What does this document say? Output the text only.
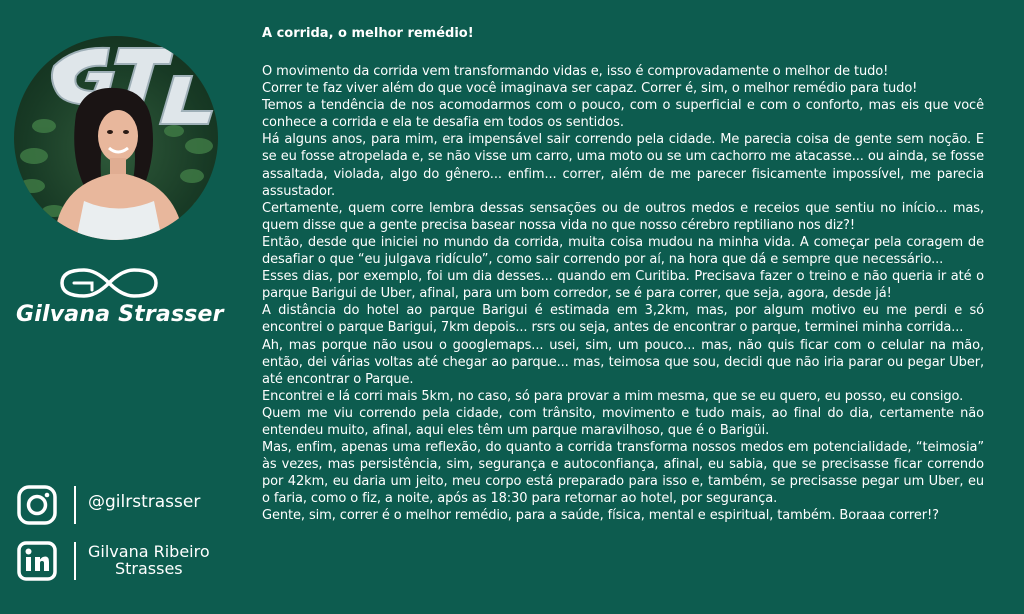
Gilvana Strasser
@gilrstrasser
Gilvana Ribeiro
Strasses
A corrida, o melhor remédio!

O movimento da corrida vem transformando vidas e, isso é comprovadamente o melhor de tudo!

Correr te faz viver além do que você imaginava ser capaz. Correr é, sim, o melhor remédio para tudo!

Temos a tendência de nos acomodarmos com o pouco, com o superficial e com o conforto, mas eis que você conhece a corrida e ela te desafia em todos os sentidos.

Há alguns anos, para mim, era impensável sair correndo pela cidade. Me parecia coisa de gente sem noção. E se eu fosse atropelada e, se não visse um carro, uma moto ou se um cachorro me atacasse... ou ainda, se fosse assaltada, violada, algo do gênero... enfim... correr, além de me parecer fisicamente impossível, me parecia assustador.

Certamente, quem corre lembra dessas sensações ou de outros medos e receios que sentiu no início... mas, quem disse que a gente precisa basear nossa vida no que nosso cérebro reptiliano nos diz?!

Então, desde que iniciei no mundo da corrida, muita coisa mudou na minha vida. A começar pela coragem de desafiar o que “eu julgava ridículo”, como sair correndo por aí, na hora que dá e sempre que necessário...

Esses dias, por exemplo, foi um dia desses... quando em Curitiba. Precisava fazer o treino e não queria ir até o parque Barigui de Uber, afinal, para um bom corredor, se é para correr, que seja, agora, desde já!

A distância do hotel ao parque Barigui é estimada em 3,2km, mas, por algum motivo eu me perdi e só encontrei o parque Barigui, 7km depois... rsrs ou seja, antes de encontrar o parque, terminei minha corrida...

Ah, mas porque não usou o googlemaps... usei, sim, um pouco... mas, não quis ficar com o celular na mão, então, dei várias voltas até chegar ao parque... mas, teimosa que sou, decidi que não iria parar ou pegar Uber, até encontrar o Parque.

Encontrei e lá corri mais 5km, no caso, só para provar a mim mesma, que se eu quero, eu posso, eu consigo.

Quem me viu correndo pela cidade, com trânsito, movimento e tudo mais, ao final do dia, certamente não entendeu muito, afinal, aqui eles têm um parque maravilhoso, que é o Barigüi.

Mas, enfim, apenas uma reflexão, do quanto a corrida transforma nossos medos em potencialidade, “teimosia” às vezes, mas persistência, sim, segurança e autoconfiança, afinal, eu sabia, que se precisasse ficar correndo por 42km, eu daria um jeito, meu corpo está preparado para isso e, também, se precisasse pegar um Uber, eu o faria, como o fiz, a noite, após as 18:30 para retornar ao hotel, por segurança.

Gente, sim, correr é o melhor remédio, para a saúde, física, mental e espiritual, também. Boraaa correr!?
